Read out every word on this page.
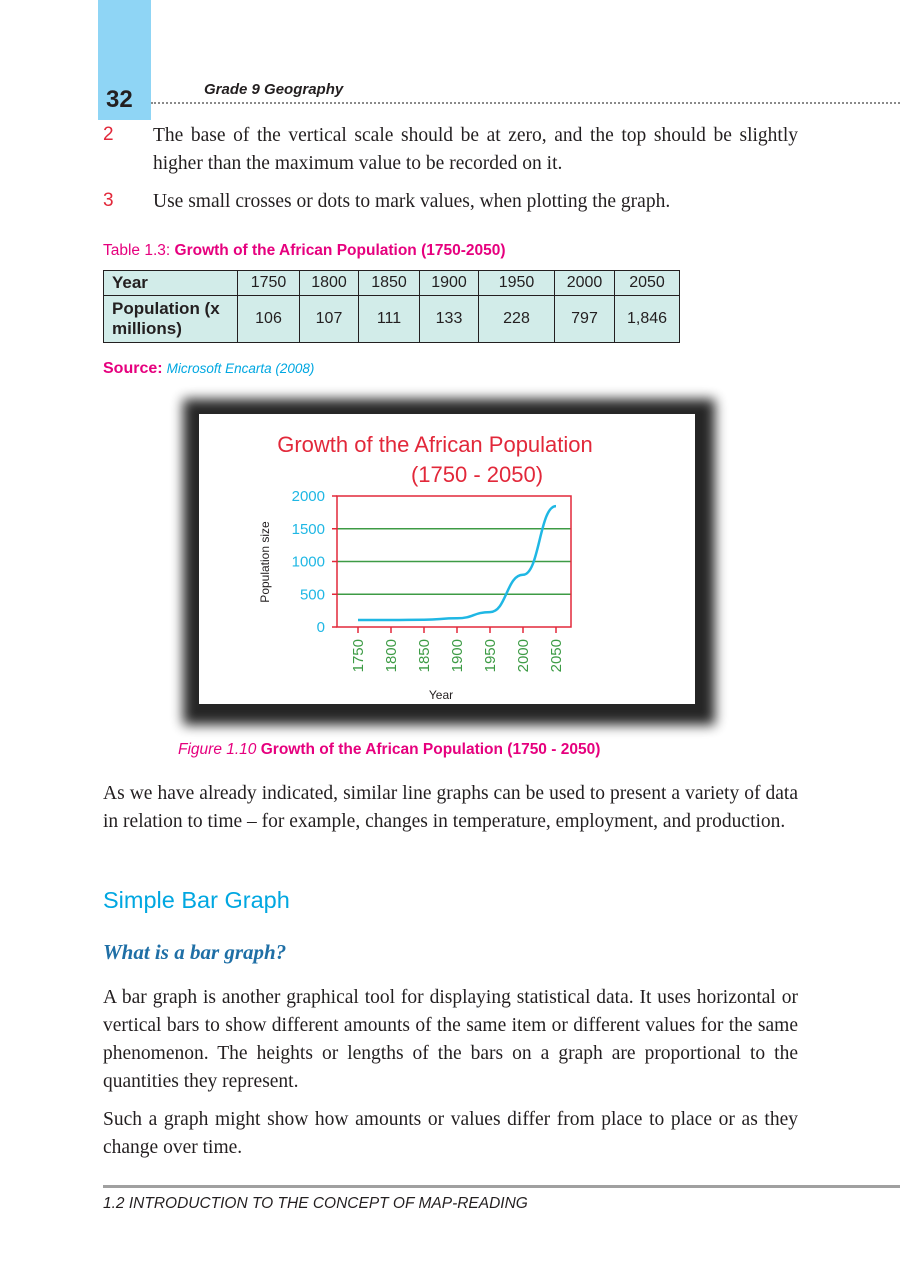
32	Grade 9 Geography
2 The base of the vertical scale should be at zero, and the top should be slightly higher than the maximum value to be recorded on it.
3 Use small crosses or dots to mark values, when plotting the graph.
Table 1.3: Growth of the African Population (1750-2050)
Year	1750	1800	1850	1900	1950	2000	2050
Population (x millions)	106	107	111	133	228	797	1,846
Source: Microsoft Encarta (2008)
Growth of the African Population
(1750 - 2050)
0
500
1000
1500
2000
1750 1800 1850 1900 1950 2000 2050
Population size
Year
Figure 1.10 Growth of the African Population (1750 - 2050)
As we have already indicated, similar line graphs can be used to present a variety of data in relation to time – for example, changes in temperature, employment, and production.
Simple Bar Graph
What is a bar graph?
A bar graph is another graphical tool for displaying statistical data. It uses horizontal or vertical bars to show different amounts of the same item or different values for the same phenomenon. The heights or lengths of the bars on a graph are proportional to the quantities they represent.
Such a graph might show how amounts or values differ from place to place or as they change over time.
1.2 INTRODUCTION TO THE CONCEPT OF MAP-READING
